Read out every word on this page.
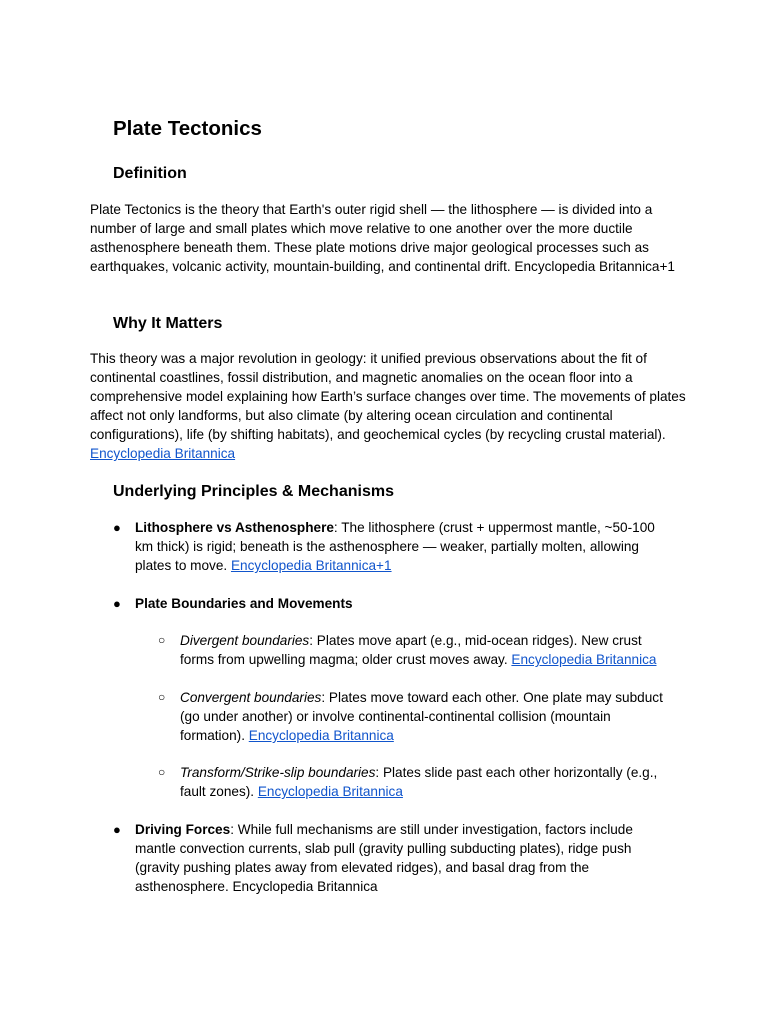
Plate Tectonics
Definition

Plate Tectonics is the theory that Earth's outer rigid shell — the lithosphere — is divided into a number of large and small plates which move relative to one another over the more ductile asthenosphere beneath them. These plate motions drive major geological processes such as earthquakes, volcanic activity, mountain‑building, and continental drift. Encyclopedia Britannica+1

Why It Matters

This theory was a major revolution in geology: it unified previous observations about the fit of continental coastlines, fossil distribution, and magnetic anomalies on the ocean floor into a comprehensive model explaining how Earth’s surface changes over time. The movements of plates affect not only landforms, but also climate (by altering ocean circulation and continental configurations), life (by shifting habitats), and geochemical cycles (by recycling crustal material).
Encyclopedia Britannica

Underlying Principles & Mechanisms
●	Lithosphere vs Asthenosphere: The lithosphere (crust + uppermost mantle, ~50‑100 km thick) is rigid; beneath is the asthenosphere — weaker, partially molten, allowing plates to move. Encyclopedia Britannica+1
●	Plate Boundaries and Movements
○	Divergent boundaries: Plates move apart (e.g., mid‑ocean ridges). New crust forms from upwelling magma; older crust moves away. Encyclopedia Britannica
○	Convergent boundaries: Plates move toward each other. One plate may subduct (go under another) or involve continental‑continental collision (mountain formation). Encyclopedia Britannica
○	Transform/Strike‑slip boundaries: Plates slide past each other horizontally (e.g., fault zones). Encyclopedia Britannica
●	Driving Forces: While full mechanisms are still under investigation, factors include mantle convection currents, slab pull (gravity pulling subducting plates), ridge push (gravity pushing plates away from elevated ridges), and basal drag from the asthenosphere. Encyclopedia Britannica
